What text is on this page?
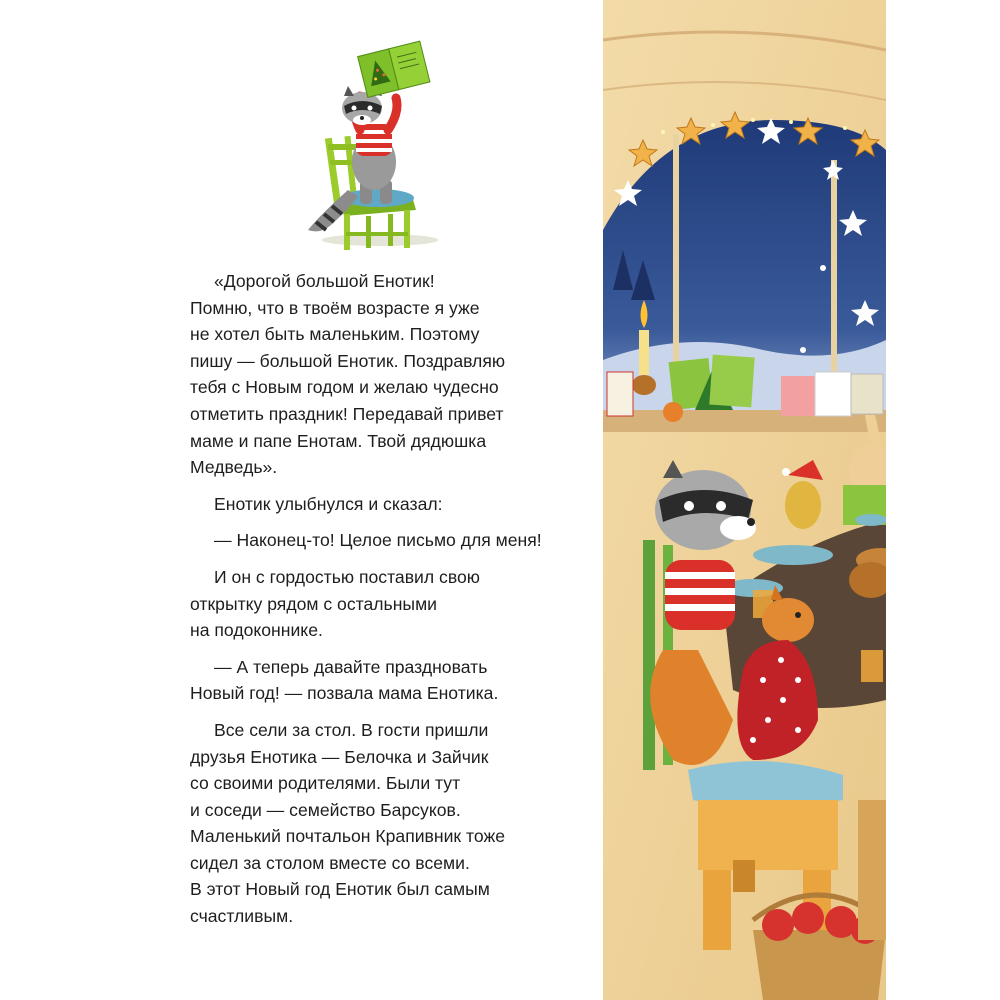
«Дорогой большой Енотик!
Помню, что в твоём возрасте я уже
не хотел быть маленьким. Поэтому
пишу — большой Енотик. Поздравляю
тебя с Новым годом и желаю чудесно
отметить праздник! Передавай привет
маме и папе Енотам. Твой дядюшка
Медведь».
Енотик улыбнулся и сказал:
— Наконец-то! Целое письмо для меня!
И он с гордостью поставил свою
открытку рядом с остальными
на подоконнике.
— А теперь давайте праздновать
Новый год! — позвала мама Енотика.
Все сели за стол. В гости пришли
друзья Енотика — Белочка и Зайчик
со своими родителями. Были тут
и соседи — семейство Барсуков.
Маленький почтальон Крапивник тоже
сидел за столом вместе со всеми.
В этот Новый год Енотик был самым
счастливым.
